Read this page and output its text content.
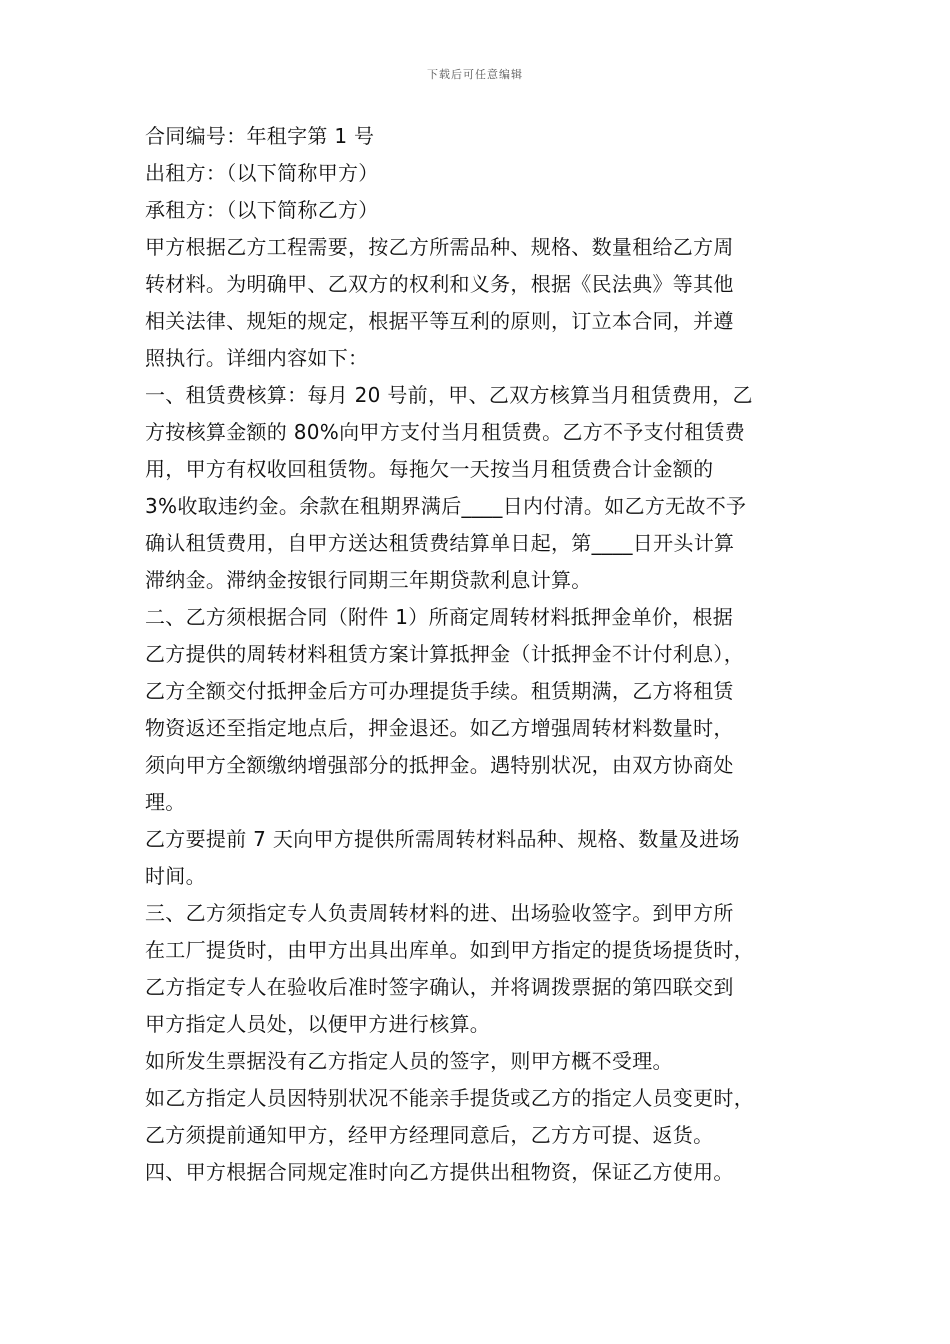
下载后可任意编辑
合同编号：年租字第 1 号
出租方：（以下简称甲方）
承租方：（以下简称乙方）
甲方根据乙方工程需要，按乙方所需品种、规格、数量租给乙方周
转材料。为明确甲、乙双方的权利和义务，根据《民法典》等其他
相关法律、规矩的规定，根据平等互利的原则，订立本合同，并遵
照执行。详细内容如下：
一、租赁费核算：每月 20 号前，甲、乙双方核算当月租赁费用，乙
方按核算金额的 80%向甲方支付当月租赁费。乙方不予支付租赁费
用，甲方有权收回租赁物。每拖欠一天按当月租赁费合计金额的
3%收取违约金。余款在租期界满后____日内付清。如乙方无故不予
确认租赁费用，自甲方送达租赁费结算单日起，第____日开头计算
滞纳金。滞纳金按银行同期三年期贷款利息计算。
二、乙方须根据合同（附件 1）所商定周转材料抵押金单价，根据
乙方提供的周转材料租赁方案计算抵押金（计抵押金不计付利息），
乙方全额交付抵押金后方可办理提货手续。租赁期满，乙方将租赁
物资返还至指定地点后，押金退还。如乙方增强周转材料数量时，
须向甲方全额缴纳增强部分的抵押金。遇特别状况，由双方协商处
理。
乙方要提前 7 天向甲方提供所需周转材料品种、规格、数量及进场
时间。
三、乙方须指定专人负责周转材料的进、出场验收签字。到甲方所
在工厂提货时，由甲方出具出库单。如到甲方指定的提货场提货时，
乙方指定专人在验收后准时签字确认，并将调拨票据的第四联交到
甲方指定人员处，以便甲方进行核算。
如所发生票据没有乙方指定人员的签字，则甲方概不受理。
如乙方指定人员因特别状况不能亲手提货或乙方的指定人员变更时，
乙方须提前通知甲方，经甲方经理同意后，乙方方可提、返货。
四、甲方根据合同规定准时向乙方提供出租物资，保证乙方使用。
